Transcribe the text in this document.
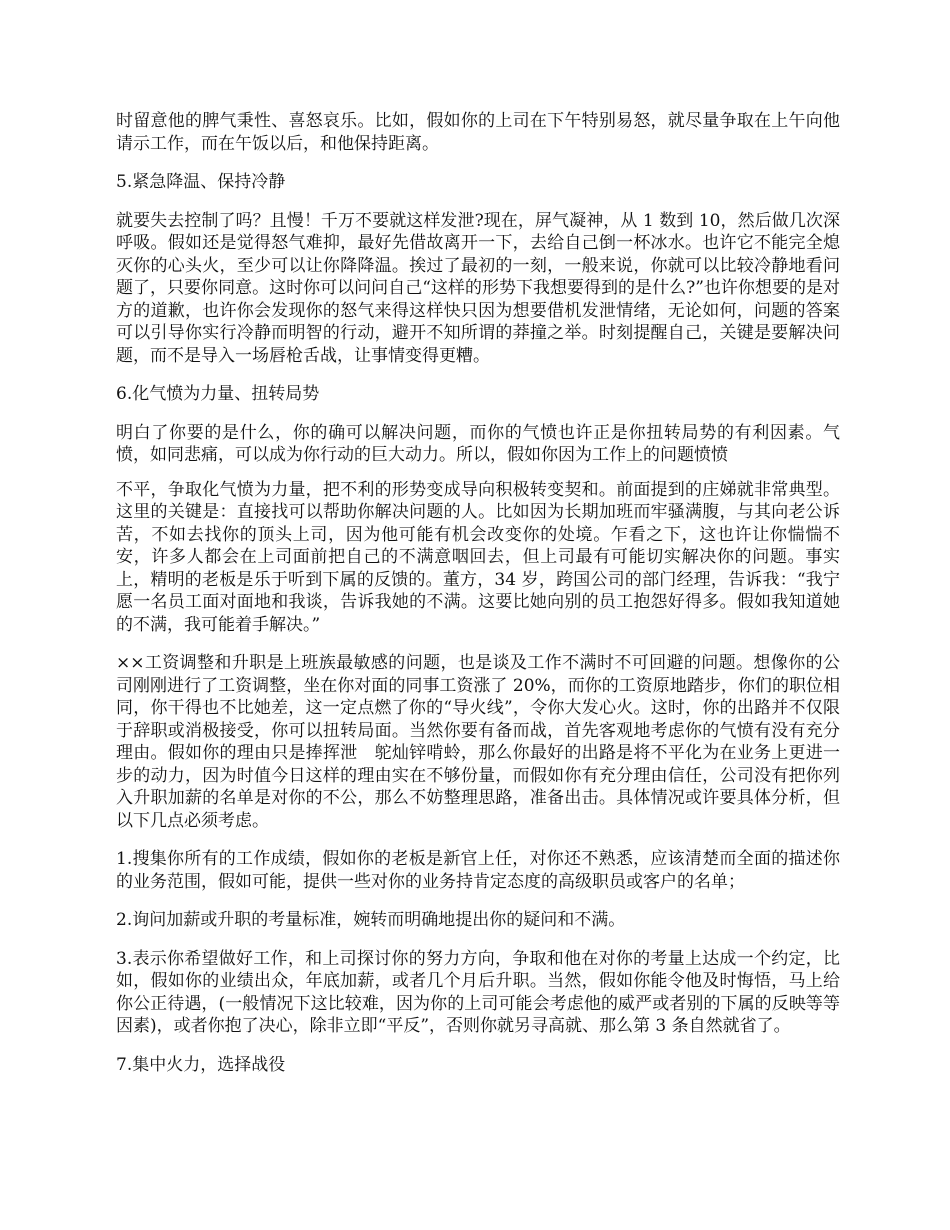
时留意他的脾气秉性、喜怒哀乐。比如，假如你的上司在下午特别易怒，就尽量争取在上午向他请示工作，而在午饭以后，和他保持距离。

5.紧急降温、保持冷静

就要失去控制了吗？且慢！千万不要就这样发泄?现在，屏气凝神，从 1 数到 10，然后做几次深呼吸。假如还是觉得怒气难抑，最好先借故离开一下，去给自己倒一杯冰水。也许它不能完全熄灭你的心头火，至少可以让你降降温。挨过了最初的一刻，一般来说，你就可以比较冷静地看问题了，只要你同意。这时你可以问问自己“这样的形势下我想要得到的是什么?”也许你想要的是对方的道歉，也许你会发现你的怒气来得这样快只因为想要借机发泄情绪，无论如何，问题的答案可以引导你实行冷静而明智的行动，避开不知所谓的莽撞之举。时刻提醒自己，关键是要解决问题，而不是导入一场唇枪舌战，让事情变得更糟。

6.化气愤为力量、扭转局势

明白了你要的是什么，你的确可以解决问题，而你的气愤也许正是你扭转局势的有利因素。气愤，如同悲痛，可以成为你行动的巨大动力。所以，假如你因为工作上的问题愤愤

不平，争取化气愤为力量，把不利的形势变成导向积极转变契和。前面提到的庄娣就非常典型。这里的关键是：直接找可以帮助你解决问题的人。比如因为长期加班而牢骚满腹，与其向老公诉苦，不如去找你的顶头上司，因为他可能有机会改变你的处境。乍看之下，这也许让你惴惴不安，许多人都会在上司面前把自己的不满意咽回去，但上司最有可能切实解决你的问题。事实上，精明的老板是乐于听到下属的反馈的。董方，34 岁，跨国公司的部门经理，告诉我：“我宁愿一名员工面对面地和我谈，告诉我她的不满。这要比她向别的员工抱怨好得多。假如我知道她的不满，我可能着手解决。”

××工资调整和升职是上班族最敏感的问题，也是谈及工作不满时不可回避的问题。想像你的公司刚刚进行了工资调整，坐在你对面的同事工资涨了 20%，而你的工资原地踏步，你们的职位相同，你干得也不比她差，这一定点燃了你的“导火线”，令你大发心火。这时，你的出路并不仅限于辞职或消极接受，你可以扭转局面。当然你要有备而战，首先客观地考虑你的气愤有没有充分理由。假如你的理由只是捧挥泄　鸵灿锌啃蛉，那么你最好的出路是将不平化为在业务上更进一步的动力，因为时值今日这样的理由实在不够份量，而假如你有充分理由信任，公司没有把你列入升职加薪的名单是对你的不公，那么不妨整理思路，准备出击。具体情况或许要具体分析，但以下几点必须考虑。

1.搜集你所有的工作成绩，假如你的老板是新官上任，对你还不熟悉，应该清楚而全面的描述你的业务范围，假如可能，提供一些对你的业务持肯定态度的高级职员或客户的名单；

2.询问加薪或升职的考量标准，婉转而明确地提出你的疑问和不满。

3.表示你希望做好工作，和上司探讨你的努力方向，争取和他在对你的考量上达成一个约定，比如，假如你的业绩出众，年底加薪，或者几个月后升职。当然，假如你能令他及时悔悟，马上给你公正待遇，(一般情况下这比较难，因为你的上司可能会考虑他的威严或者别的下属的反映等等因素)，或者你抱了决心，除非立即“平反”，否则你就另寻高就、那么第 3 条自然就省了。

7.集中火力，选择战役
